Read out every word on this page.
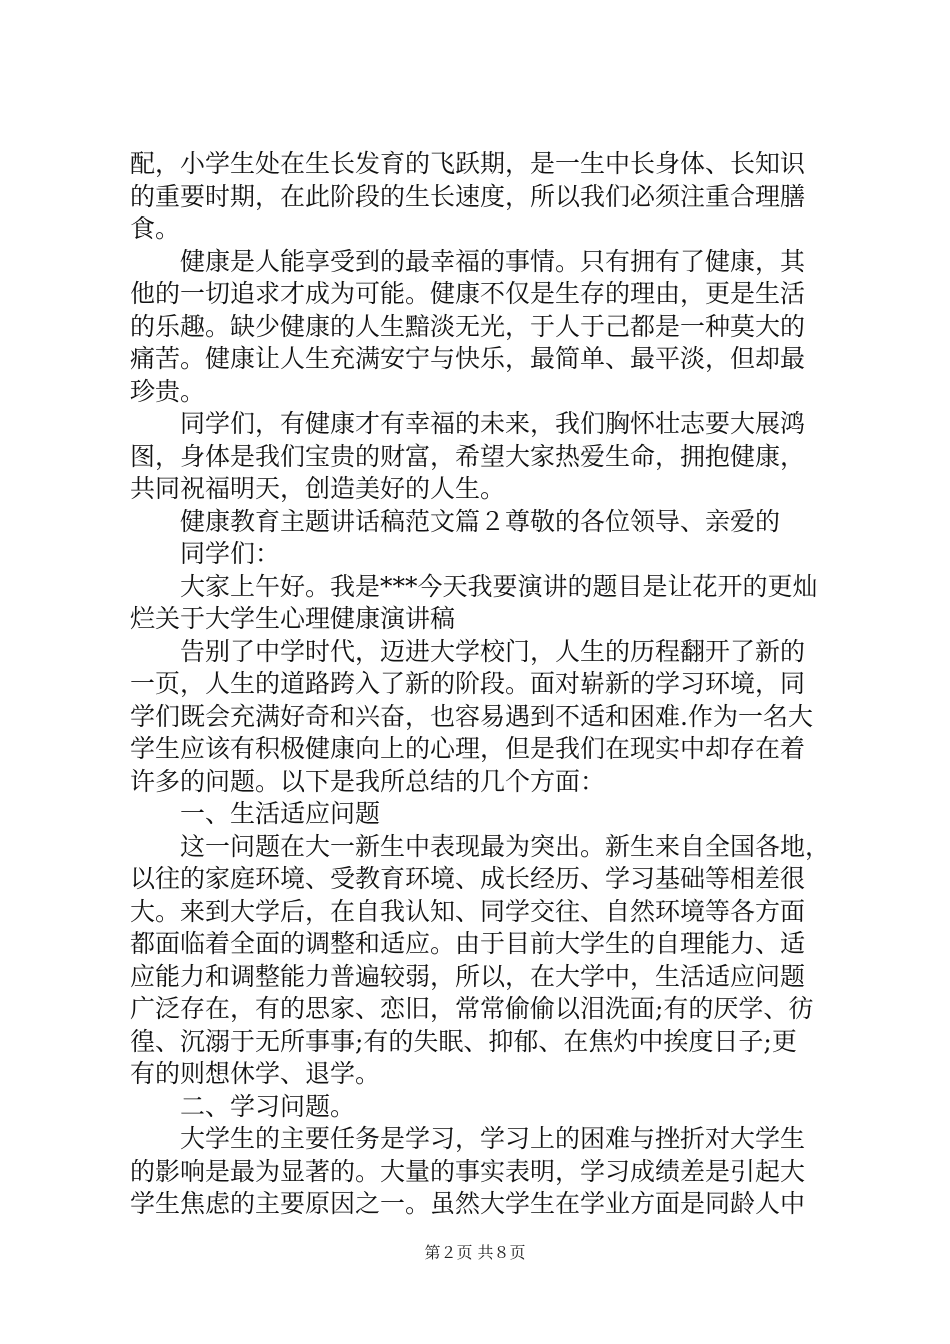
配，小学生处在生长发育的飞跃期，是一生中长身体、长知识
的重要时期，在此阶段的生长速度，所以我们必须注重合理膳
食。
健康是人能享受到的最幸福的事情。只有拥有了健康，其
他的一切追求才成为可能。健康不仅是生存的理由，更是生活
的乐趣。缺少健康的人生黯淡无光，于人于己都是一种莫大的
痛苦。健康让人生充满安宁与快乐，最简单、最平淡，但却最
珍贵。
同学们，有健康才有幸福的未来，我们胸怀壮志要大展鸿
图，身体是我们宝贵的财富，希望大家热爱生命，拥抱健康，
共同祝福明天，创造美好的人生。
健康教育主题讲话稿范文篇２尊敬的各位领导、亲爱的
同学们：
大家上午好。我是***今天我要演讲的题目是让花开的更灿
烂关于大学生心理健康演讲稿
告别了中学时代，迈进大学校门，人生的历程翻开了新的
一页，人生的道路跨入了新的阶段。面对崭新的学习环境，同
学们既会充满好奇和兴奋，也容易遇到不适和困难.作为一名大
学生应该有积极健康向上的心理，但是我们在现实中却存在着
许多的问题。以下是我所总结的几个方面：
一、生活适应问题
这一问题在大一新生中表现最为突出。新生来自全国各地，
以往的家庭环境、受教育环境、成长经历、学习基础等相差很
大。来到大学后，在自我认知、同学交往、自然环境等各方面
都面临着全面的调整和适应。由于目前大学生的自理能力、适
应能力和调整能力普遍较弱，所以，在大学中，生活适应问题
广泛存在，有的思家、恋旧，常常偷偷以泪洗面;有的厌学、彷
徨、沉溺于无所事事;有的失眠、抑郁、在焦灼中挨度日子;更
有的则想休学、退学。
二、学习问题。
大学生的主要任务是学习，学习上的困难与挫折对大学生
的影响是最为显著的。大量的事实表明，学习成绩差是引起大
学生焦虑的主要原因之一。虽然大学生在学业方面是同龄人中
第２页 共８页
